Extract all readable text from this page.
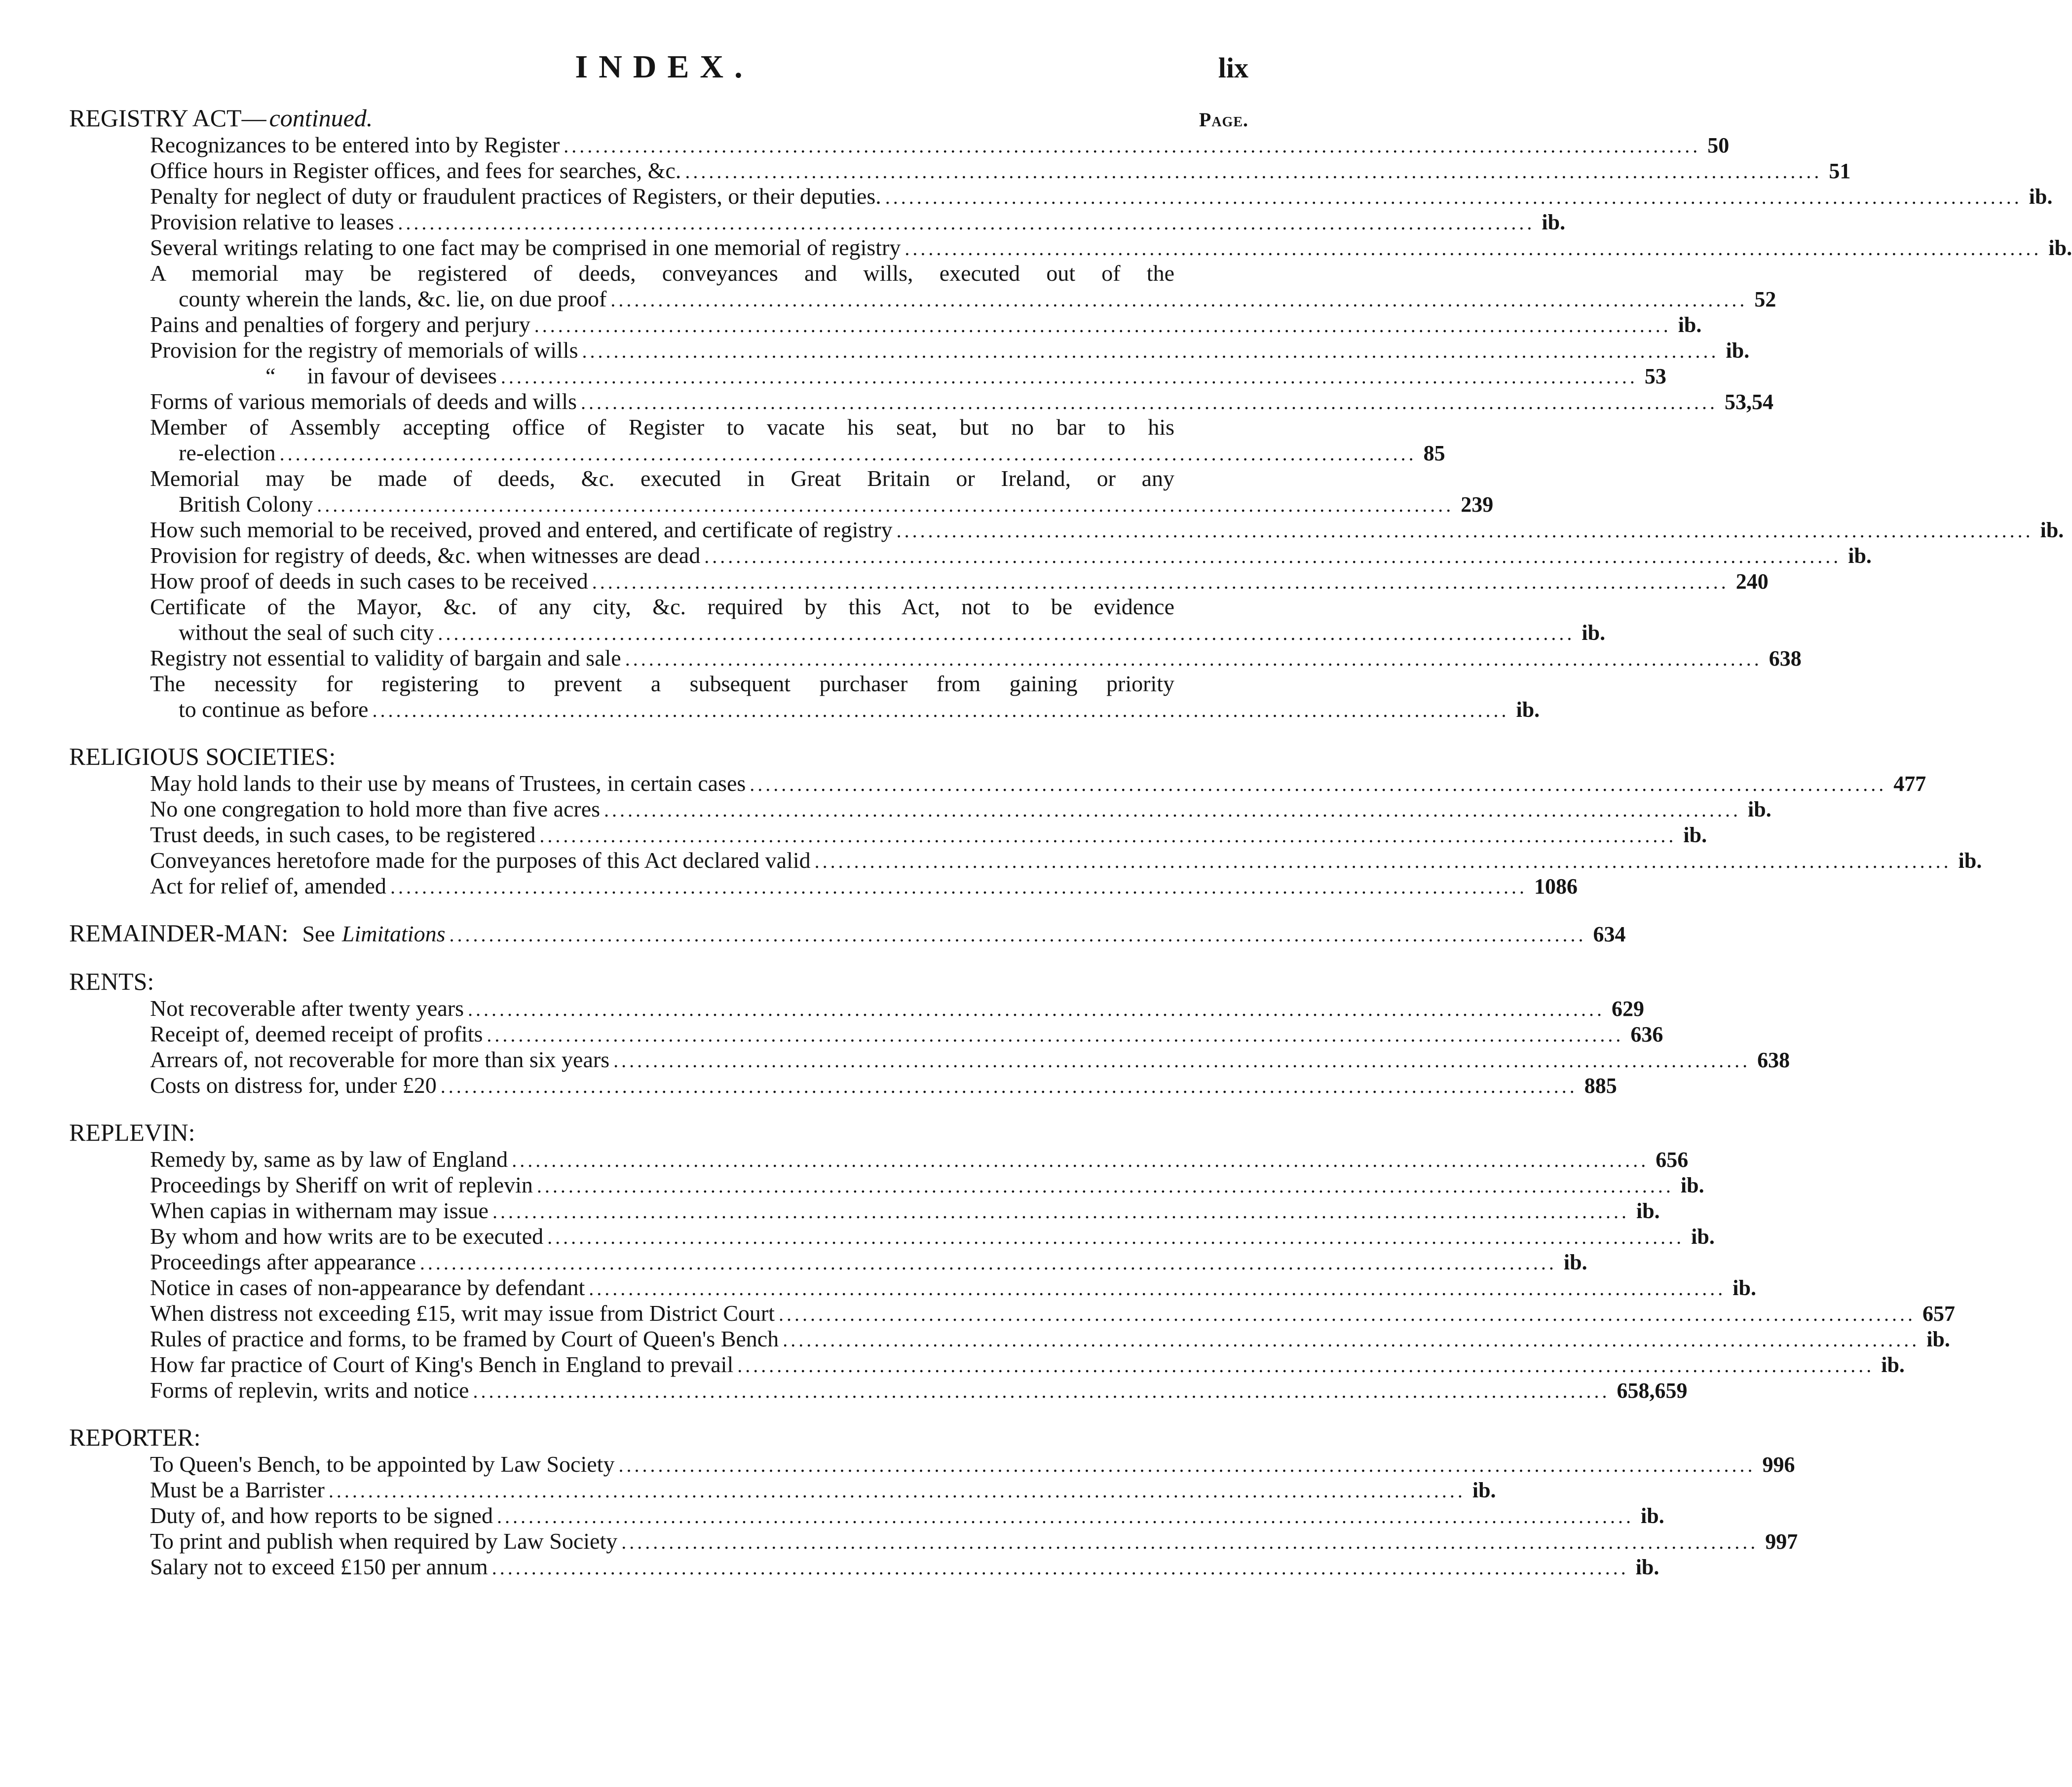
INDEX.	lix
REGISTRY ACT— continued.	Page.
Recognizances to be entered into by Register ................................................................................................................................................ 50
Office hours in Register offices, and fees for searches, &c. ................................................................................................................................................ 51
Penalty for neglect of duty or fraudulent practices of Registers, or their deputies. ................................................................................................................................................ ib.
Provision relative to leases ................................................................................................................................................ ib.
Several writings relating to one fact may be comprised in one memorial of registry ................................................................................................................................................ ib.
A memorial may be registered of deeds, conveyances and wills, executed out of the
county wherein the lands, &c. lie, on due proof ................................................................................................................................................ 52
Pains and penalties of forgery and perjury ................................................................................................................................................ ib.
Provision for the registry of memorials of wills ................................................................................................................................................ ib.
“ in favour of devisees ................................................................................................................................................ 53
Forms of various memorials of deeds and wills ................................................................................................................................................ 53, 54
Member of Assembly accepting office of Register to vacate his seat, but no bar to his
re-election ................................................................................................................................................ 85
Memorial may be made of deeds, &c. executed in Great Britain or Ireland, or any
British Colony ................................................................................................................................................ 239
How such memorial to be received, proved and entered, and certificate of registry ................................................................................................................................................ ib.
Provision for registry of deeds, &c. when witnesses are dead ................................................................................................................................................ ib.
How proof of deeds in such cases to be received ................................................................................................................................................ 240
Certificate of the Mayor, &c. of any city, &c. required by this Act, not to be evidence
without the seal of such city ................................................................................................................................................ ib.
Registry not essential to validity of bargain and sale ................................................................................................................................................ 638
The necessity for registering to prevent a subsequent purchaser from gaining priority
to continue as before ................................................................................................................................................ ib.
RELIGIOUS SOCIETIES:
May hold lands to their use by means of Trustees, in certain cases ................................................................................................................................................ 477
No one congregation to hold more than five acres ................................................................................................................................................ ib.
Trust deeds, in such cases, to be registered ................................................................................................................................................ ib.
Conveyances heretofore made for the purposes of this Act declared valid ................................................................................................................................................ ib.
Act for relief of, amended ................................................................................................................................................ 1086
REMAINDER-MAN: See Limitations ................................................................................................................................................ 634
RENTS:
Not recoverable after twenty years ................................................................................................................................................ 629
Receipt of, deemed receipt of profits ................................................................................................................................................ 636
Arrears of, not recoverable for more than six years ................................................................................................................................................ 638
Costs on distress for, under £20 ................................................................................................................................................ 885
REPLEVIN:
Remedy by, same as by law of England ................................................................................................................................................ 656
Proceedings by Sheriff on writ of replevin ................................................................................................................................................ ib.
When capias in withernam may issue ................................................................................................................................................ ib.
By whom and how writs are to be executed ................................................................................................................................................ ib.
Proceedings after appearance ................................................................................................................................................ ib.
Notice in cases of non-appearance by defendant ................................................................................................................................................ ib.
When distress not exceeding £15, writ may issue from District Court ................................................................................................................................................ 657
Rules of practice and forms, to be framed by Court of Queen's Bench ................................................................................................................................................ ib.
How far practice of Court of King's Bench in England to prevail ................................................................................................................................................ ib.
Forms of replevin, writs and notice ................................................................................................................................................ 658, 659
REPORTER:
To Queen's Bench, to be appointed by Law Society ................................................................................................................................................ 996
Must be a Barrister ................................................................................................................................................ ib.
Duty of, and how reports to be signed ................................................................................................................................................ ib.
To print and publish when required by Law Society ................................................................................................................................................ 997
Salary not to exceed £150 per annum ................................................................................................................................................ ib.
